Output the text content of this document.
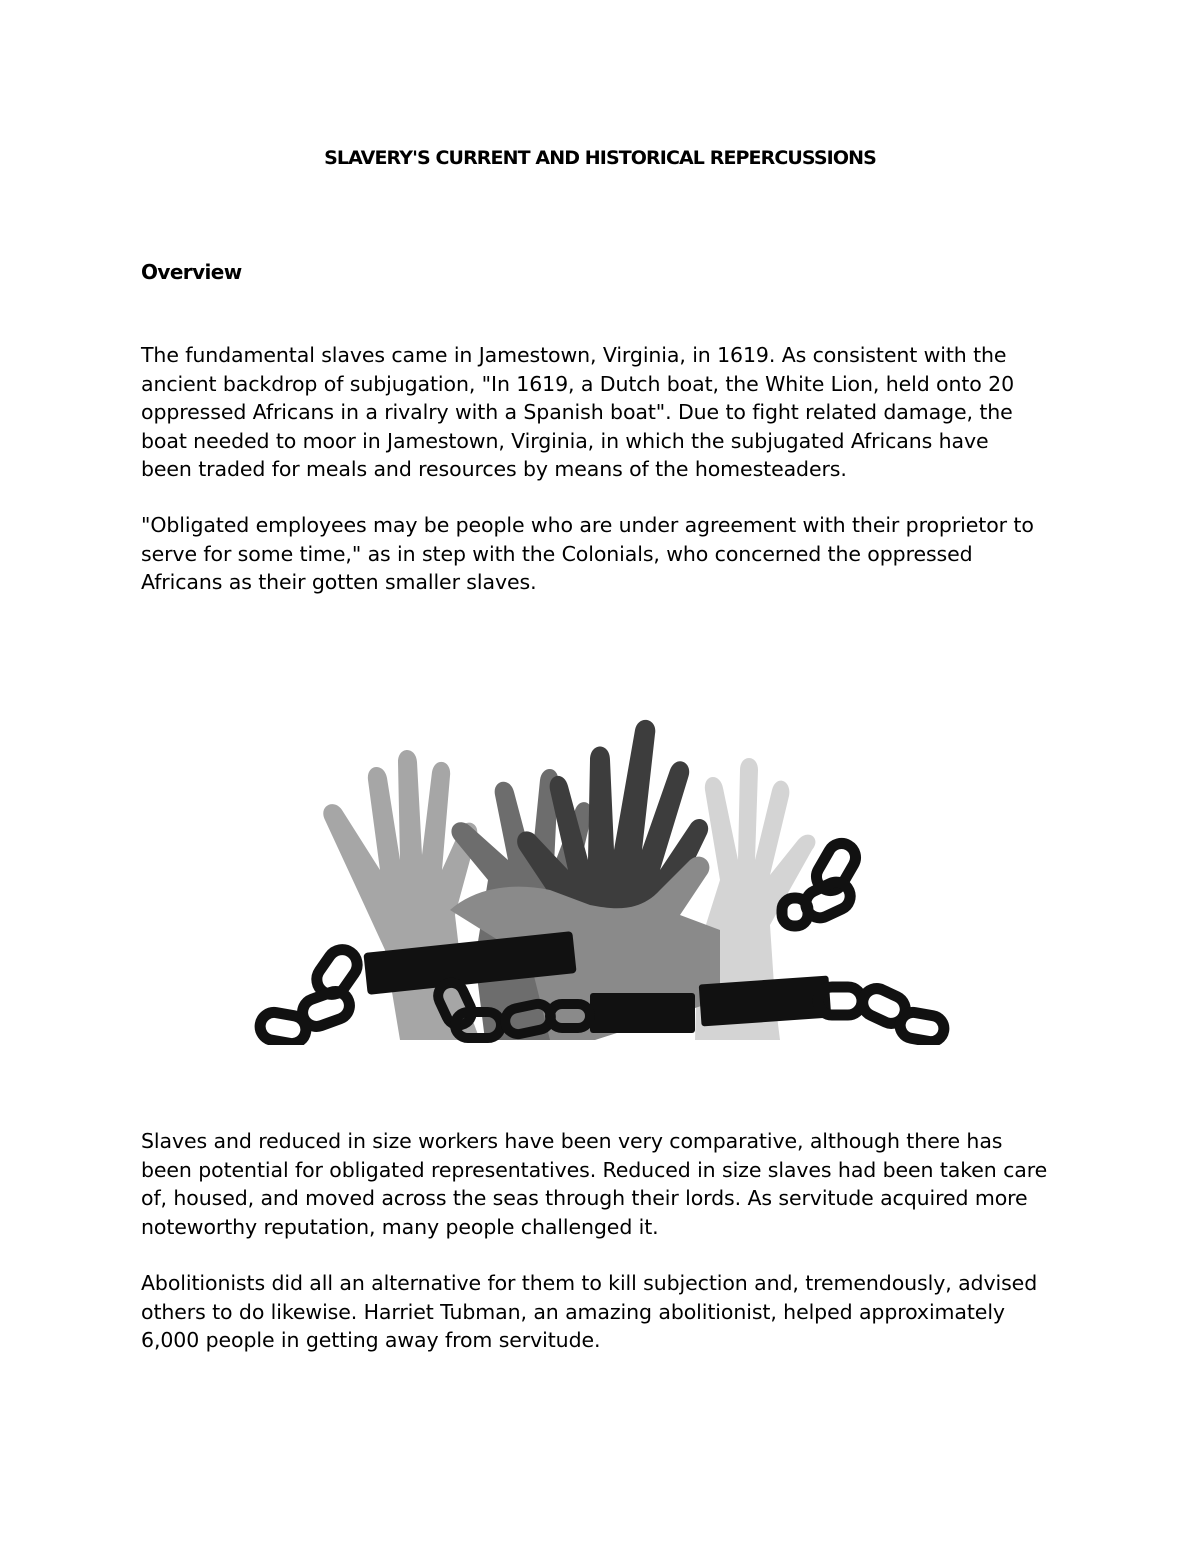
SLAVERY'S CURRENT AND HISTORICAL REPERCUSSIONS
Overview

The fundamental slaves came in Jamestown, Virginia, in 1619. As consistent with the
ancient backdrop of subjugation, "In 1619, a Dutch boat, the White Lion, held onto 20
oppressed Africans in a rivalry with a Spanish boat". Due to fight related damage, the
boat needed to moor in Jamestown, Virginia, in which the subjugated Africans have
been traded for meals and resources by means of the homesteaders.

"Obligated employees may be people who are under agreement with their proprietor to
serve for some time," as in step with the Colonials, who concerned the oppressed
Africans as their gotten smaller slaves.

Slaves and reduced in size workers have been very comparative, although there has
been potential for obligated representatives. Reduced in size slaves had been taken care
of, housed, and moved across the seas through their lords. As servitude acquired more
noteworthy reputation, many people challenged it.

Abolitionists did all an alternative for them to kill subjection and, tremendously, advised
others to do likewise. Harriet Tubman, an amazing abolitionist, helped approximately
6,000 people in getting away from servitude.
